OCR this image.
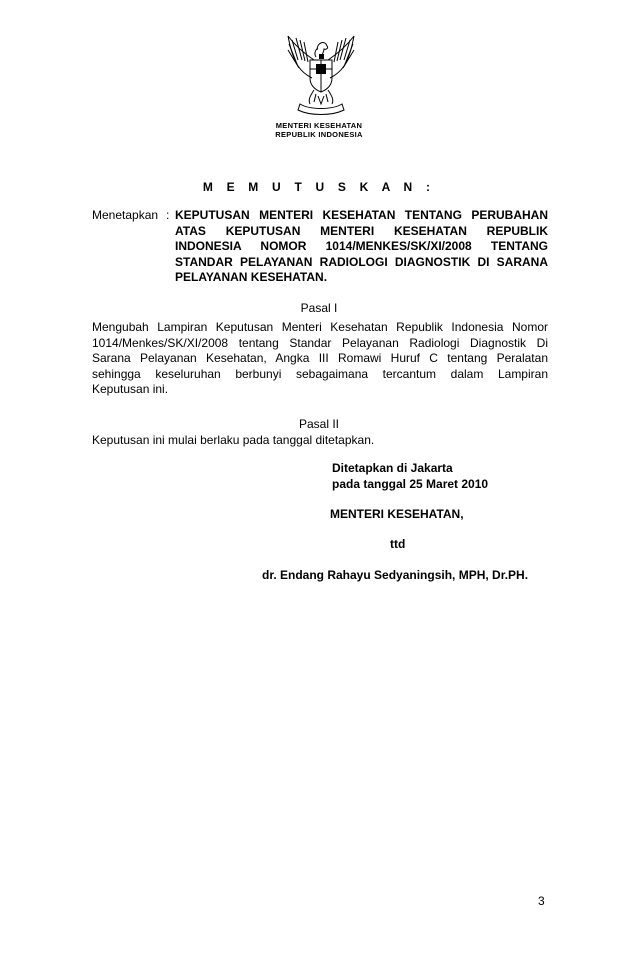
MENTERI KESEHATAN
REPUBLIK INDONESIA
M E M U T U S K A N :
Menetapkan : KEPUTUSAN MENTERI KESEHATAN TENTANG PERUBAHAN
ATAS KEPUTUSAN MENTERI KESEHATAN REPUBLIK
INDONESIA NOMOR 1014/MENKES/SK/XI/2008 TENTANG
STANDAR PELAYANAN RADIOLOGI DIAGNOSTIK DI SARANA
PELAYANAN KESEHATAN.
Pasal I
Mengubah Lampiran Keputusan Menteri Kesehatan Republik Indonesia Nomor
1014/Menkes/SK/XI/2008 tentang Standar Pelayanan Radiologi Diagnostik Di
Sarana Pelayanan Kesehatan, Angka III Romawi Huruf C tentang Peralatan
sehingga keseluruhan berbunyi sebagaimana tercantum dalam Lampiran
Keputusan ini.
Pasal II
Keputusan ini mulai berlaku pada tanggal ditetapkan.
Ditetapkan di Jakarta
pada tanggal 25 Maret 2010
MENTERI KESEHATAN,
ttd
dr. Endang Rahayu Sedyaningsih, MPH, Dr.PH.
3
